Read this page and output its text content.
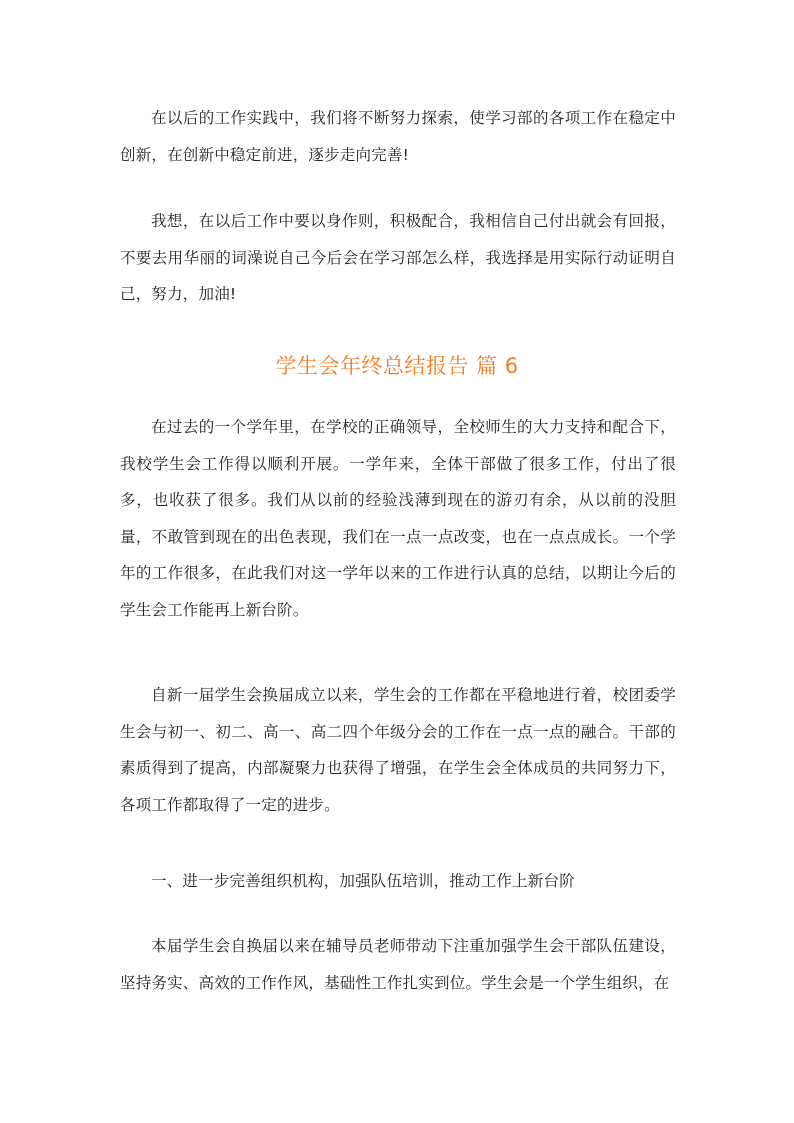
在以后的工作实践中，我们将不断努力探索，使学习部的各项工作在稳定中创新，在创新中稳定前进，逐步走向完善!

我想，在以后工作中要以身作则，积极配合，我相信自己付出就会有回报，不要去用华丽的词澡说自己今后会在学习部怎么样，我选择是用实际行动证明自己，努力，加油!

学生会年终总结报告 篇 6

在过去的一个学年里，在学校的正确领导，全校师生的大力支持和配合下，我校学生会工作得以顺利开展。一学年来，全体干部做了很多工作，付出了很多，也收获了很多。我们从以前的经验浅薄到现在的游刃有余，从以前的没胆量，不敢管到现在的出色表现，我们在一点一点改变，也在一点点成长。一个学年的工作很多，在此我们对这一学年以来的工作进行认真的总结，以期让今后的学生会工作能再上新台阶。

自新一届学生会换届成立以来，学生会的工作都在平稳地进行着，校团委学生会与初一、初二、高一、高二四个年级分会的工作在一点一点的融合。干部的素质得到了提高，内部凝聚力也获得了增强，在学生会全体成员的共同努力下，各项工作都取得了一定的进步。

一、进一步完善组织机构，加强队伍培训，推动工作上新台阶

本届学生会自换届以来在辅导员老师带动下注重加强学生会干部队伍建设，坚持务实、高效的工作作风，基础性工作扎实到位。学生会是一个学生组织，在
